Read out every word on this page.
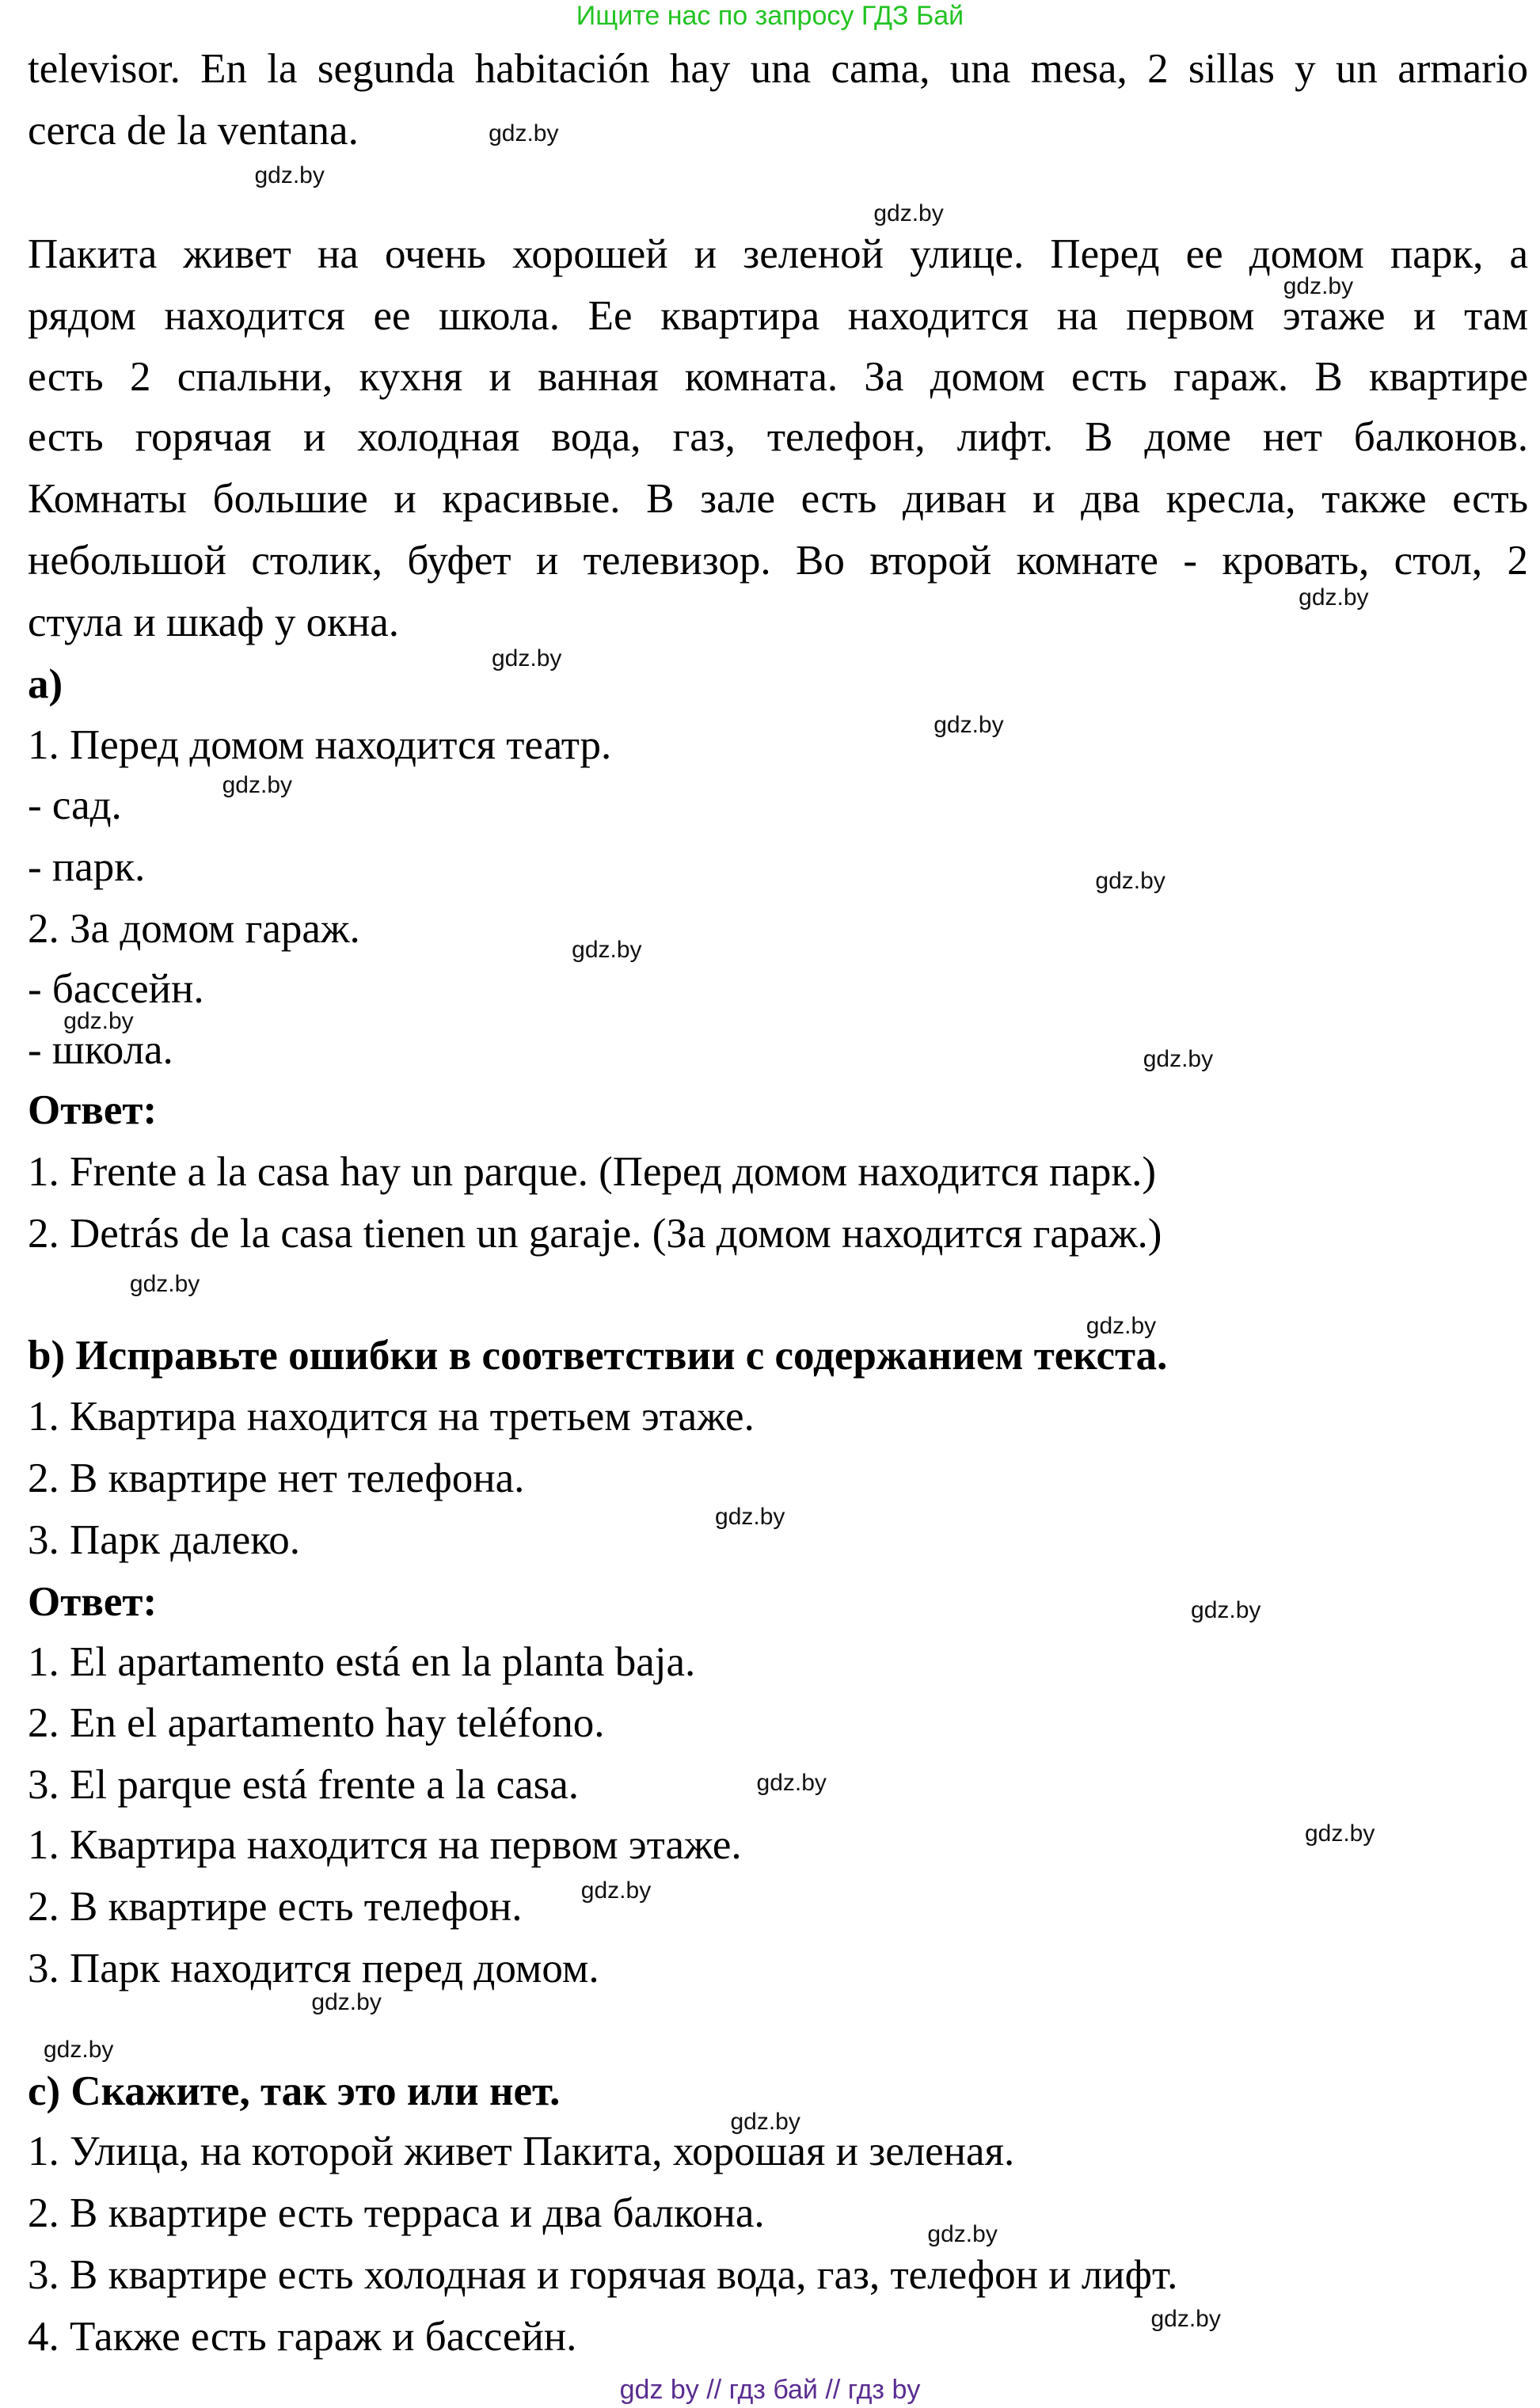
Ищите нас по запросу ГДЗ Бай
televisor. En la segunda habitación hay una cama, una mesa, 2 sillas y un armario
cerca de la ventana.
Пакита живет на очень хорошей и зеленой улице. Перед ее домом парк, а
рядом находится ее школа. Ее квартира находится на первом этаже и там
есть 2 спальни, кухня и ванная комната. За домом есть гараж. В квартире
есть горячая и холодная вода, газ, телефон, лифт. В доме нет балконов.
Комнаты большие и красивые. В зале есть диван и два кресла, также есть
небольшой столик, буфет и телевизор. Во второй комнате - кровать, стол, 2
стула и шкаф у окна.
a)
1. Перед домом находится театр.
- сад.
- парк.
2. За домом гараж.
- бассейн.
- школа.
Ответ:
1. Frente a la casa hay un parque. (Перед домом находится парк.)
2. Detrás de la casa tienen un garaje. (За домом находится гараж.)
b) Исправьте ошибки в соответствии с содержанием текста.
1. Квартира находится на третьем этаже.
2. В квартире нет телефона.
3. Парк далеко.
Ответ:
1. El apartamento está en la planta baja.
2. En el apartamento hay teléfono.
3. El parque está frente a la casa.
1. Квартира находится на первом этаже.
2. В квартире есть телефон.
3. Парк находится перед домом.
c) Скажите, так это или нет.
1. Улица, на которой живет Пакита, хорошая и зеленая.
2. В квартире есть терраса и два балкона.
3. В квартире есть холодная и горячая вода, газ, телефон и лифт.
4. Также есть гараж и бассейн.
gdz.by
gdz.by
gdz.by
gdz.by
gdz.by
gdz.by
gdz.by
gdz.by
gdz.by
gdz.by
gdz.by
gdz.by
gdz.by
gdz.by
gdz.by
gdz.by
gdz.by
gdz.by
gdz.by
gdz.by
gdz.by
gdz.by
gdz.by
gdz.by
gdz by // гдз бай // гдз by
